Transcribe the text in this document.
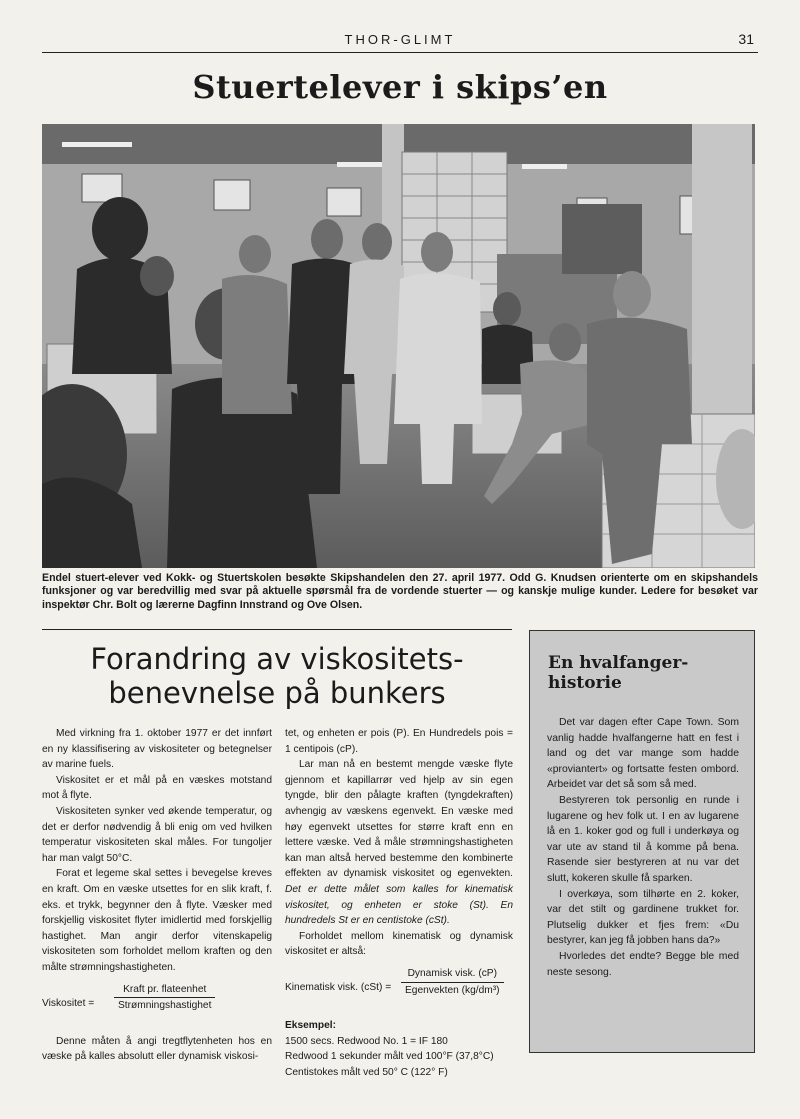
THOR-GLIMT	31
Stuertelever i skips’en
Endel stuert-elever ved Kokk- og Stuertskolen besøkte Skipshandelen den 27. april 1977. Odd G. Knudsen orienterte om en skipshandels funksjoner og var beredvillig med svar på aktuelle spørsmål fra de vordende stuerter — og kanskje mulige kunder. Ledere for besøket var inspektør Chr. Bolt og lærerne Dagfinn Innstrand og Ove Olsen.
Forandring av viskositets-
benevnelse på bunkers

Med virkning fra 1. oktober 1977 er det innført en ny klassifisering av viskositeter og betegnelser av marine fuels.

Viskositet er et mål på en væskes motstand mot å flyte.

Viskositeten synker ved økende temperatur, og det er derfor nødvendig å bli enig om ved hvilken temperatur viskositeten skal måles. For tungoljer har man valgt 50°C.

Forat et legeme skal settes i bevegelse kreves en kraft. Om en væske utsettes for en slik kraft, f. eks. et trykk, begynner den å flyte. Væsker med forskjellig viskositet flyter imidlertid med forskjellig hastighet. Man angir derfor vitenskapelig viskositeten som forholdet mellom kraften og den målte strømningshastigheten.

Viskositet =
Kraft pr. flateenhet
Strømningshastighet

Denne måten å angi tregtflytenheten hos en væske på kalles absolutt eller dynamisk viskosi-

tet, og enheten er pois (P). En Hundredels pois = 1 centipois (cP).

Lar man nå en bestemt mengde væske flyte gjennom et kapillarrør ved hjelp av sin egen tyngde, blir den pålagte kraften (tyngdekraften) avhengig av væskens egenvekt. En væske med høy egenvekt utsettes for større kraft enn en lettere væske. Ved å måle strømningshastigheten kan man altså herved bestemme den kombinerte effekten av dynamisk viskositet og egenvekten. Det er dette målet som kalles for kinematisk viskositet, og enheten er stoke (St). En hundredels St er en centistoke (cSt).

Forholdet mellom kinematisk og dynamisk viskositet er altså:

Kinematisk visk. (cSt) =
Dynamisk visk. (cP)
Egenvekten (kg/dm³)
Eksempel:
1500 secs. Redwood No. 1 = IF 180
Redwood 1 sekunder målt ved 100°F (37,8°C)
Centistokes målt ved 50° C (122° F)
En hvalfanger-historie

Det var dagen efter Cape Town. Som vanlig hadde hvalfangerne hatt en fest i land og det var mange som hadde «proviantert» og fortsatte festen ombord. Arbeidet var det så som så med.

Bestyreren tok personlig en runde i lugarene og hev folk ut. I en av lugarene lå en 1. koker god og full i underkøya og var ute av stand til å komme på bena. Rasende sier bestyreren at nu var det slutt, kokeren skulle få sparken.

I overkøya, som tilhørte en 2. koker, var det stilt og gardinene trukket for. Plutselig dukker et fjes frem: «Du bestyrer, kan jeg få jobben hans da?»

Hvorledes det endte? Begge ble med neste sesong.
